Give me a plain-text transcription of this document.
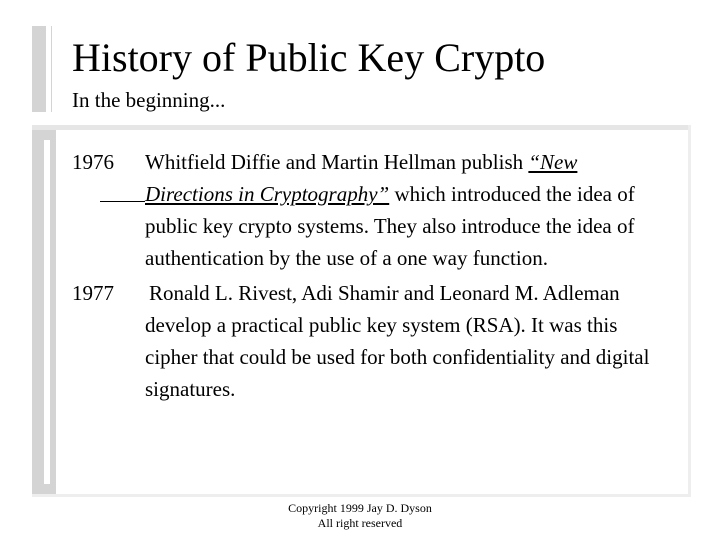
History of Public Key Crypto
In the beginning...
1976 Whitfield Diffie and Martin Hellman publish “New Directions in Cryptography” which introduced the idea of public key crypto systems. They also introduce the idea of authentication by the use of a one way function.
1977 Ronald L. Rivest, Adi Shamir and Leonard M. Adleman develop a practical public key system (RSA). It was this cipher that could be used for both confidentiality and digital signatures.
Copyright 1999 Jay D. Dyson
All right reserved
